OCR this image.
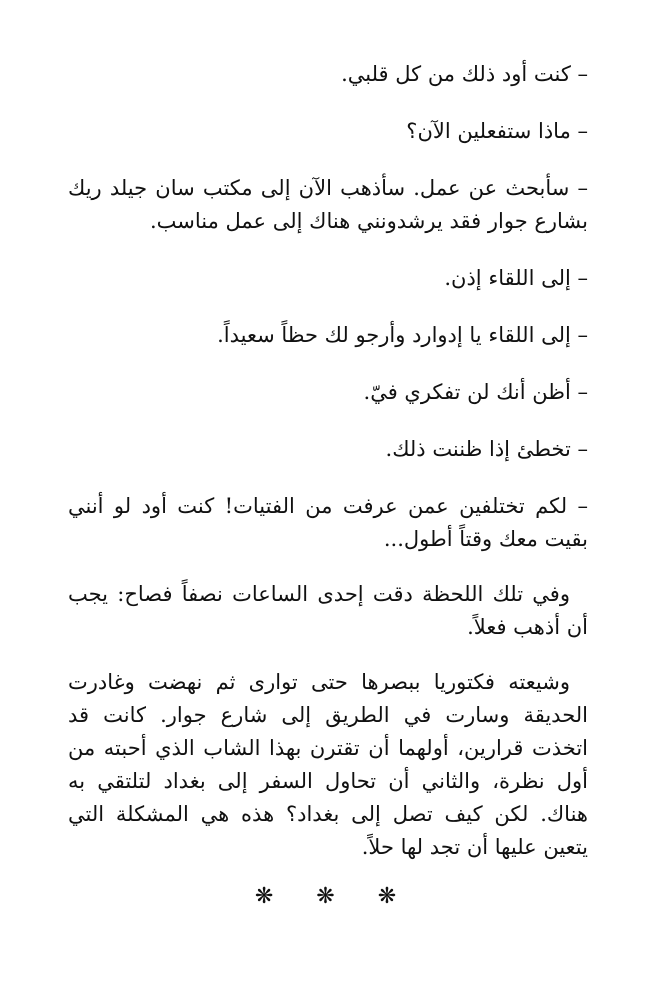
– كنت أود ذلك من كل قلبي.

– ماذا ستفعلين الآن؟

– سأبحث عن عمل. سأذهب الآن إلى مكتب سان جيلد ريك بشارع جوار فقد يرشدونني هناك إلى عمل مناسب.

– إلى اللقاء إذن.

– إلى اللقاء يا إدوارد وأرجو لك حظاً سعيداً.

– أظن أنك لن تفكري فيّ.

– تخطئ إذا ظننت ذلك.

– لكم تختلفين عمن عرفت من الفتيات! كنت أود لو أنني بقيت معك وقتاً أطول...

وفي تلك اللحظة دقت إحدى الساعات نصفاً فصاح: يجب أن أذهب فعلاً.

وشيعته فكتوريا ببصرها حتى توارى ثم نهضت وغادرت الحديقة وسارت في الطريق إلى شارع جوار. كانت قد اتخذت قرارين، أولهما أن تقترن بهذا الشاب الذي أحبته من أول نظرة، والثاني أن تحاول السفر إلى بغداد لتلتقي به هناك. لكن كيف تصل إلى بغداد؟ هذه هي المشكلة التي يتعين عليها أن تجد لها حلاً.

❋ ❋ ❋
